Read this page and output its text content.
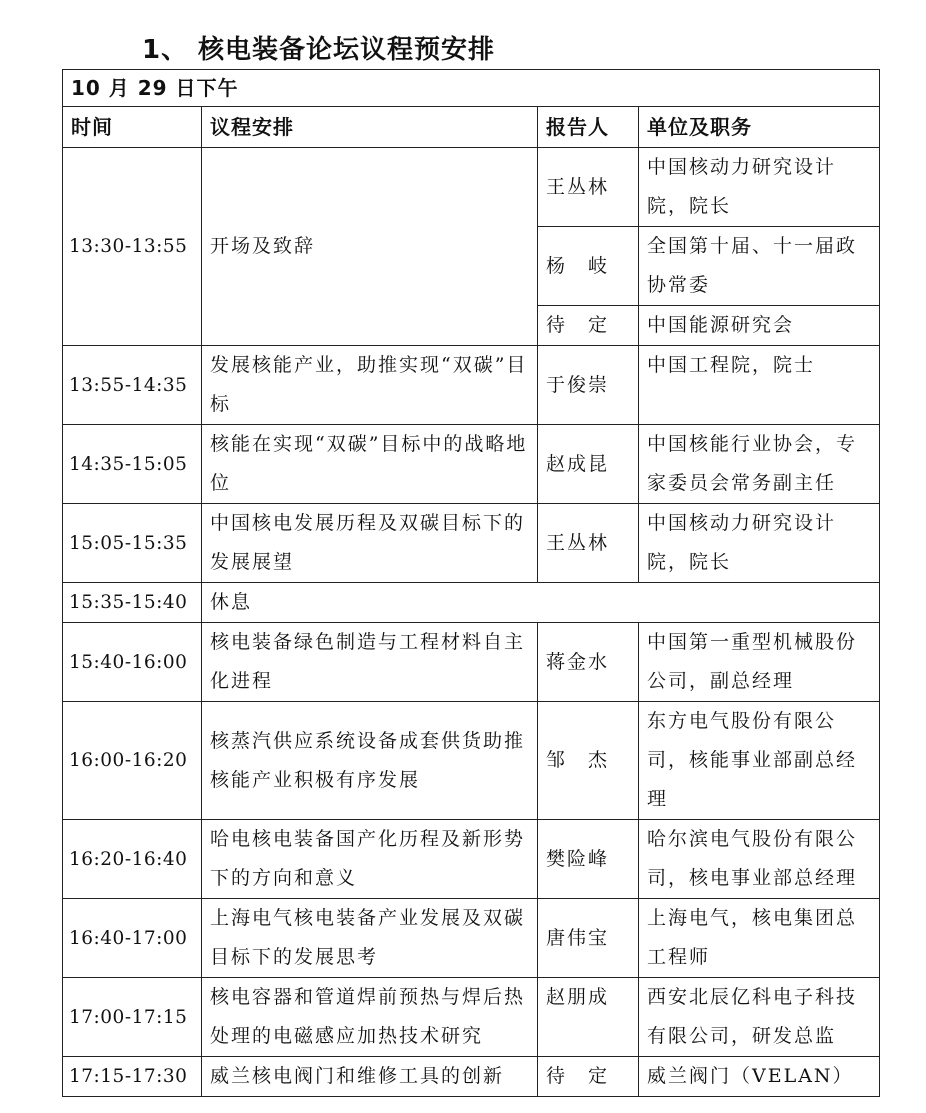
1、 核电装备论坛议程预安排
10 月 29 日下午			
时间	议程安排	报告人	单位及职务
13:30-13:55	开场及致辞	王丛林	中国核动力研究设计院，院长
		杨　岐	全国第十届、十一届政协常委
		待　定	中国能源研究会
13:55-14:35	发展核能产业，助推实现“双碳”目标	于俊崇	中国工程院，院士
14:35-15:05	核能在实现“双碳”目标中的战略地位	赵成昆	中国核能行业协会，专家委员会常务副主任
15:05-15:35	中国核电发展历程及双碳目标下的发展展望	王丛林	中国核动力研究设计院，院长
15:35-15:40	休息		
15:40-16:00	核电装备绿色制造与工程材料自主化进程	蒋金水	中国第一重型机械股份公司，副总经理
16:00-16:20	核蒸汽供应系统设备成套供货助推核能产业积极有序发展	邹　杰	东方电气股份有限公司，核能事业部副总经理
16:20-16:40	哈电核电装备国产化历程及新形势下的方向和意义	樊险峰	哈尔滨电气股份有限公司，核电事业部总经理
16:40-17:00	上海电气核电装备产业发展及双碳目标下的发展思考	唐伟宝	上海电气，核电集团总工程师
17:00-17:15	核电容器和管道焊前预热与焊后热处理的电磁感应加热技术研究	赵朋成	西安北辰亿科电子科技有限公司，研发总监
17:15-17:30	威兰核电阀门和维修工具的创新	待　定	威兰阀门（VELAN）
